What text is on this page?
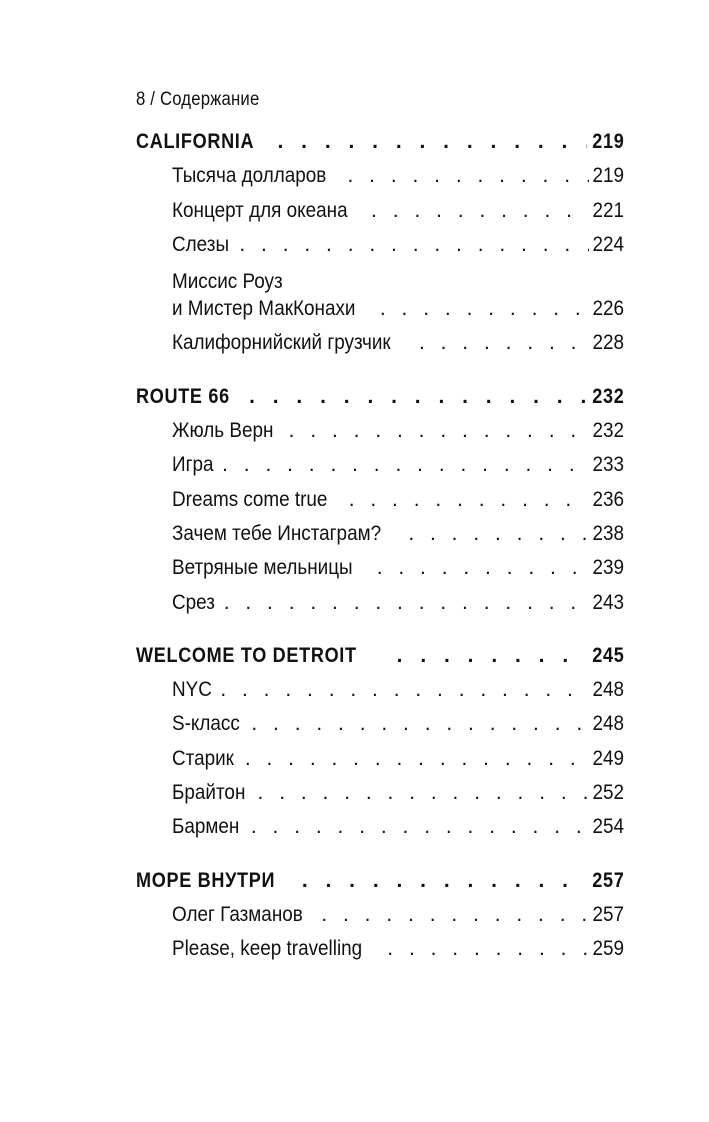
8 / Содержание
CALIFORNIA . . .	219
Тысяча долларов . . .	219
Концерт для океана . . .	221
Слезы . . .	224
Миссис Роуз
и Мистер МакКонахи . . .	226
Калифорнийский грузчик . . .	228
ROUTE 66 . . .	232
Жюль Верн . . .	232
Игра . . .	233
Dreams come true . . .	236
Зачем тебе Инстаграм? . . .	238
Ветряные мельницы . . .	239
Срез . . .	243
WELCOME TO DETROIT . . .	245
NYC . . .	248
S-класс . . .	248
Старик . . .	249
Брайтон . . .	252
Бармен . . .	254
МОРЕ ВНУТРИ . . .	257
Олег Газманов . . .	257
Please, keep travelling . . .	259
